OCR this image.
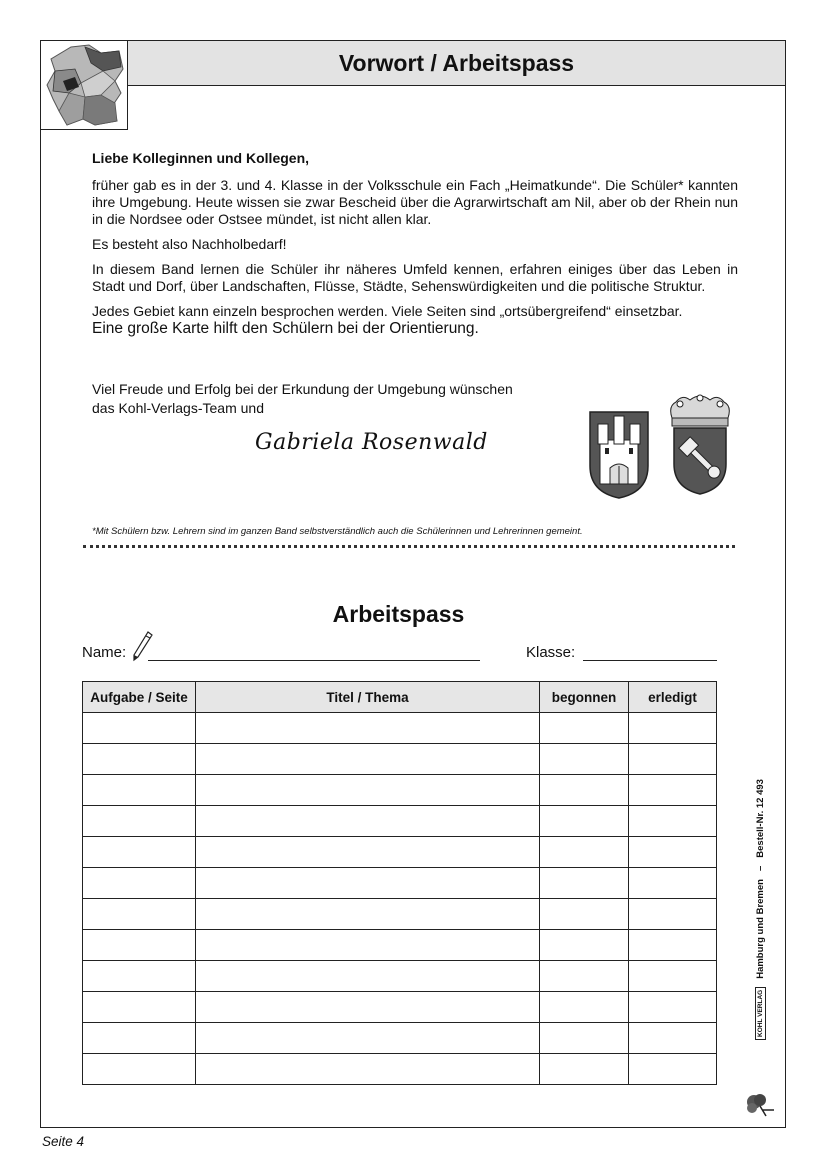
Vorwort / Arbeitspass

Liebe Kolleginnen und Kollegen,

früher gab es in der 3. und 4. Klasse in der Volksschule ein Fach „Heimatkunde“. Die Schüler* kannten ihre Umgebung. Heute wissen sie zwar Bescheid über die Agrarwirtschaft am Nil, aber ob der Rhein nun in die Nordsee oder Ostsee mündet, ist nicht allen klar.

Es besteht also Nachholbedarf!

In diesem Band lernen die Schüler ihr näheres Umfeld kennen, erfahren einiges über das Leben in Stadt und Dorf, über Landschaften, Flüsse, Städte, Sehenswürdigkeiten und die politische Struktur.

Jedes Gebiet kann einzeln besprochen werden. Viele Seiten sind „ortsübergreifend“ einsetzbar.

Eine große Karte hilft den Schülern bei der Orientierung.

Viel Freude und Erfolg bei der Erkundung der Umgebung wünschen
das Kohl-Verlags-Team und
Gabriela Rosenwald
*Mit Schülern bzw. Lehrern sind im ganzen Band selbstverständlich auch die Schülerinnen und Lehrerinnen gemeint.
Arbeitspass
Name:	Klasse:
Aufgabe / Seite	Titel / Thema	begonnen	erledigt

KOHL VERLAG
Hamburg und Bremen
–
Bestell-Nr. 12 493
Seite 4
